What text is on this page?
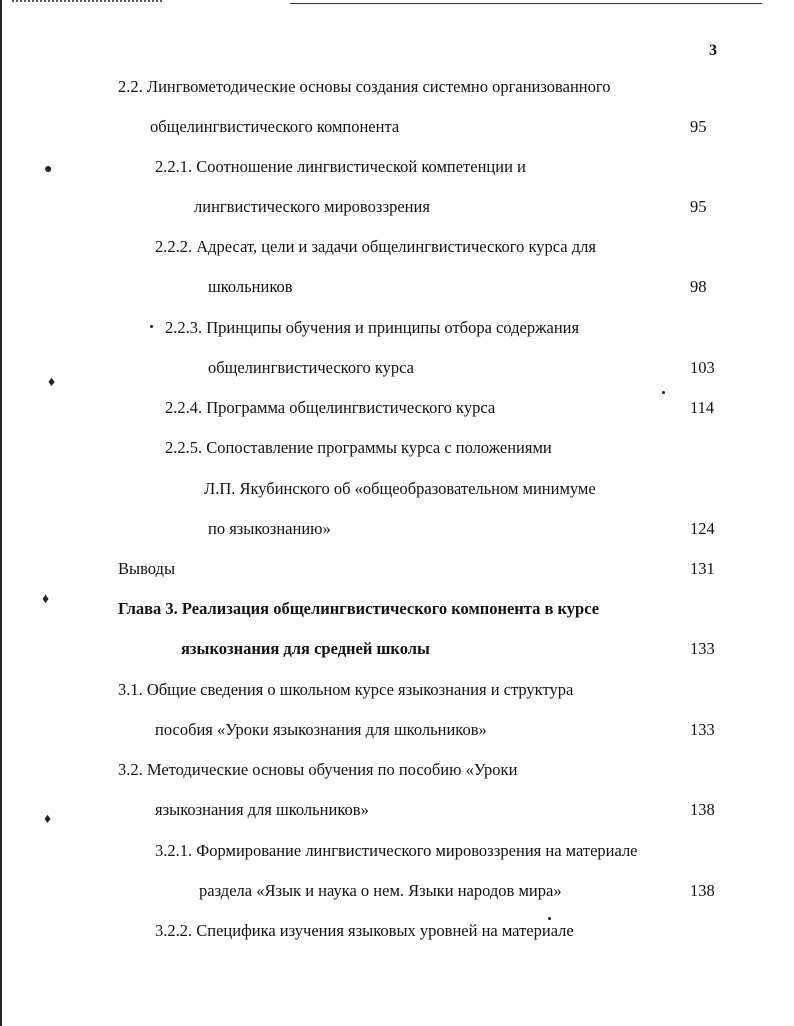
3
●
♦
♦
♦
2.2. Лингвометодические основы создания системно организованного
общелингвистического компонента	95
2.2.1. Соотношение лингвистической компетенции и
лингвистического мировоззрения	95
2.2.2. Адресат, цели и задачи общелингвистического курса для
школьников	98
2.2.3. Принципы обучения и принципы отбора содержания
общелингвистического курса	103
2.2.4. Программа общелингвистического курса	114
2.2.5. Сопоставление программы курса с положениями
Л.П. Якубинского об «общеобразовательном минимуме
по языкознанию»	124
Выводы	131
Глава 3. Реализация общелингвистического компонента в курсе
языкознания для средней школы	133
3.1. Общие сведения о школьном курсе языкознания и структура
пособия «Уроки языкознания для школьников»	133
3.2. Методические основы обучения по пособию «Уроки
языкознания для школьников»	138
3.2.1. Формирование лингвистического мировоззрения на материале
раздела «Язык и наука о нем. Языки народов мира»	138
3.2.2. Специфика изучения языковых уровней на материале
